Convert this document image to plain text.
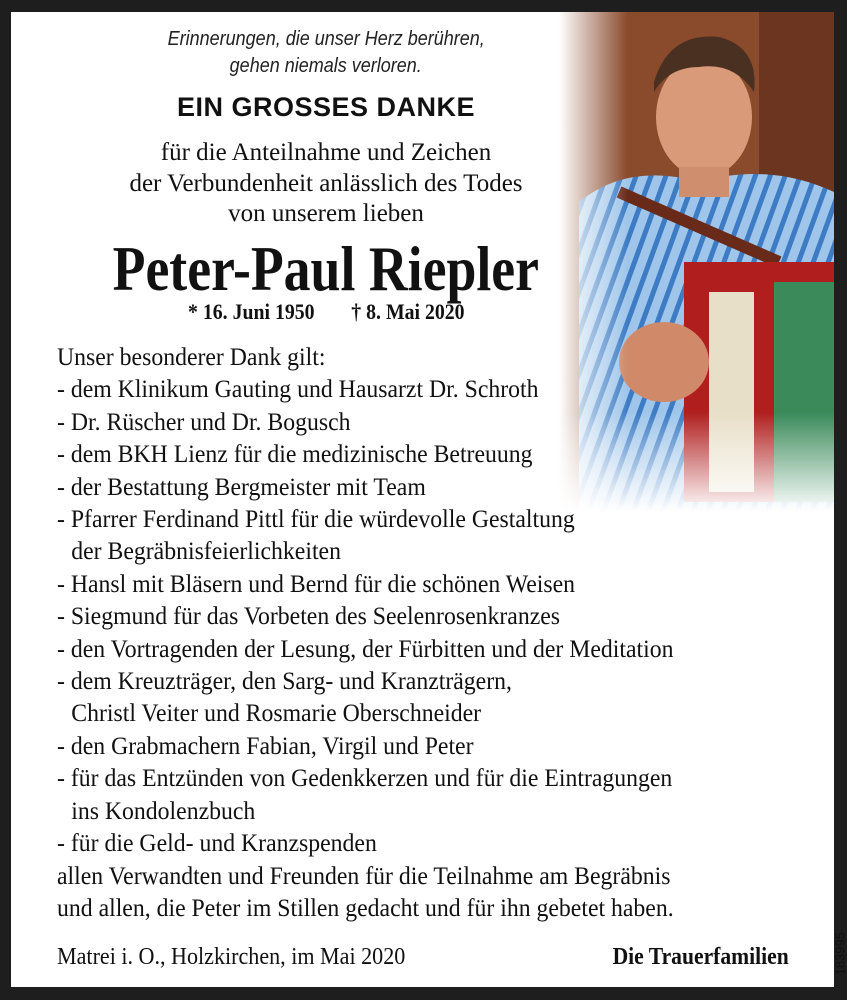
Erinnerungen, die unser Herz berühren,
gehen niemals verloren.
EIN GROSSES DANKE
für die Anteilnahme und Zeichen
der Verbundenheit anlässlich des Todes
von unserem lieben
Peter-Paul Riepler
* 16. Juni 1950 † 8. Mai 2020
Unser besonderer Dank gilt:
- dem Klinikum Gauting und Hausarzt Dr. Schroth
- Dr. Rüscher und Dr. Bogusch
- dem BKH Lienz für die medizinische Betreuung
- der Bestattung Bergmeister mit Team
- Pfarrer Ferdinand Pittl für die würdevolle Gestaltung
der Begräbnisfeierlichkeiten
- Hansl mit Bläsern und Bernd für die schönen Weisen
- Siegmund für das Vorbeten des Seelenrosenkranzes
- den Vortragenden der Lesung, der Fürbitten und der Meditation
- dem Kreuzträger, den Sarg- und Kranzträgern,
Christl Veiter und Rosmarie Oberschneider
- den Grabmachern Fabian, Virgil und Peter
- für das Entzünden von Gedenkkerzen und für die Eintragungen
ins Kondolenzbuch
- für die Geld- und Kranzspenden
allen Verwandten und Freunden für die Teilnahme am Begräbnis
und allen, die Peter im Stillen gedacht und für ihn gebetet haben.
Matrei i. O., Holzkirchen, im Mai 2020	Die Trauerfamilien	183995
